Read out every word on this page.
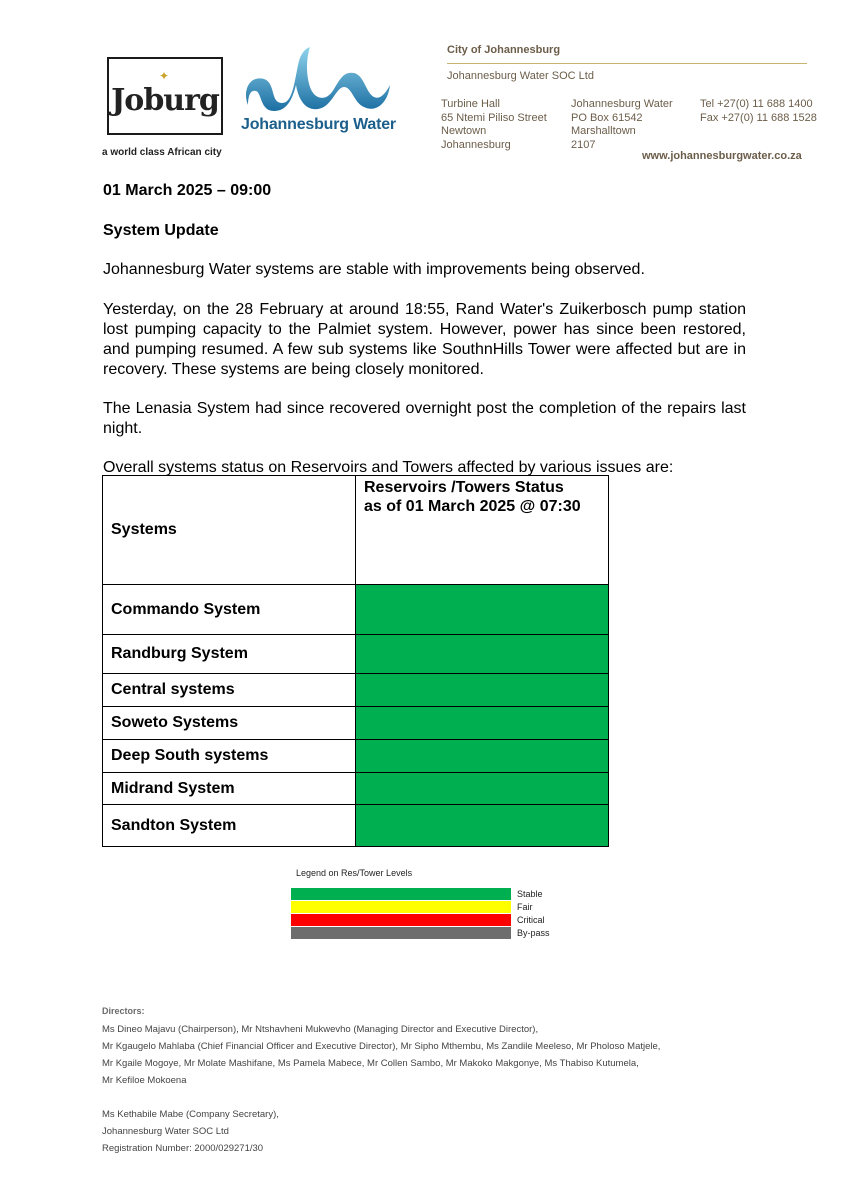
✦
Joburg
a world class African city
Johannesburg Water
City of Johannesburg
Johannesburg Water SOC Ltd
Turbine Hall
65 Ntemi Piliso Street
Newtown
Johannesburg
Johannesburg Water
PO Box 61542
Marshalltown
2107
Tel +27(0) 11 688 1400
Fax +27(0) 11 688 1528
www.johannesburgwater.co.za
01 March 2025 – 09:00
System Update
Johannesburg Water systems are stable with improvements being observed.
Yesterday, on the 28 February at around 18:55, Rand Water's Zuikerbosch pump station lost pumping capacity to the Palmiet system. However, power has since been restored, and pumping resumed. A few sub systems like SouthnHills Tower were affected but are in recovery. These systems are being closely monitored.
The Lenasia System had since recovered overnight post the completion of the repairs last night.
Overall systems status on Reservoirs and Towers affected by various issues are:
Systems	Reservoirs /Towers Status
as of 01 March 2025 @ 07:30

Commando System	
Randburg System	
Central systems	
Soweto Systems	
Deep South systems	
Midrand System	
Sandton System	
Legend on Res/Tower Levels
Stable
Fair
Critical
By-pass
Directors:
Ms Dineo Majavu (Chairperson), Mr Ntshavheni Mukwevho (Managing Director and Executive Director),
Mr Kgaugelo Mahlaba (Chief Financial Officer and Executive Director), Mr Sipho Mthembu, Ms Zandile Meeleso, Mr Pholoso Matjele,
Mr Kgaile Mogoye, Mr Molate Mashifane, Ms Pamela Mabece, Mr Collen Sambo, Mr Makoko Makgonye, Ms Thabiso Kutumela,
Mr Kefiloe Mokoena
Ms Kethabile Mabe (Company Secretary),
Johannesburg Water SOC Ltd
Registration Number: 2000/029271/30
